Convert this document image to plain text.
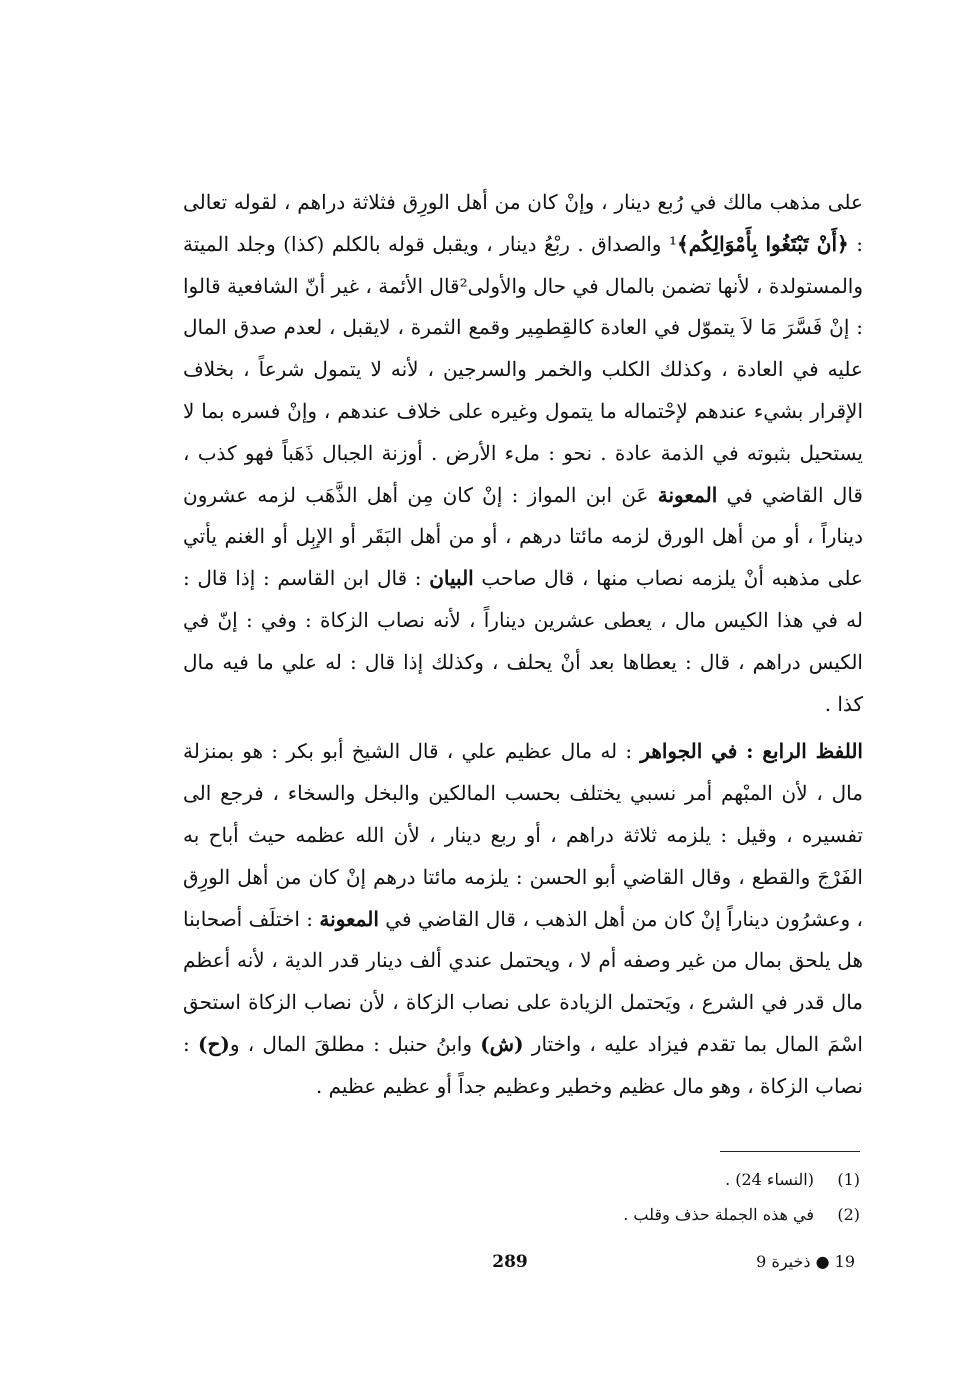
على مذهب مالك في رُبع دينار ، وإنْ كان من أهل الورِق فثلاثة دراهم ، لقوله تعالى : ﴿أَنْ تَبْتَغُوا بِأَمْوَالِكُم﴾¹ والصداق . ربْعُ دينار ، ويقبل قوله بالكلم (كذا) وجلد الميتة والمستولدة ، لأنها تضمن بالمال في حال والأولى²قال الأئمة ، غير أنّ الشافعية قالوا : إنْ فَسَّرَ مَا لاَ يتموّل في العادة كالقِطمِير وقمع الثمرة ، لايقبل ، لعدم صدق المال عليه في العادة ، وكذلك الكلب والخمر والسرجين ، لأنه لا يتمول شرعاً ، بخلاف الإقرار بشيء عندهم لإحْتماله ما يتمول وغيره على خلاف عندهم ، وإنْ فسره بما لا يستحيل بثبوته في الذمة عادة . نحو : ملء الأرض . أوزنة الجبال ذَهَباً فهو كذب ، قال القاضي في المعونة عَن ابن المواز : إنْ كان مِن أهل الذَّهَب لزمه عشرون ديناراً ، أو من أهل الورق لزمه مائتا درهم ، أو من أهل البَقَر أو الإبِل أو الغنم يأتي على مذهبه أنْ يلزمه نصاب منها ، قال صاحب البيان : قال ابن القاسم : إذا قال : له في هذا الكيس مال ، يعطى عشرين ديناراً ، لأنه نصاب الزكاة : وفي : إنّ في الكيس دراهم ، قال : يعطاها بعد أنْ يحلف ، وكذلك إذا قال : له علي ما فيه مال كذا .

اللفظ الرابع : في الجواهر : له مال عظيم علي ، قال الشيخ أبو بكر : هو بمنزلة مال ، لأن المبْهم أمر نسبي يختلف بحسب المالكين والبخل والسخاء ، فرجع الى تفسيره ، وقيل : يلزمه ثلاثة دراهم ، أو ربع دينار ، لأن الله عظمه حيث أباح به الفَرْجَ والقطع ، وقال القاضي أبو الحسن : يلزمه مائتا درهم إنْ كان من أهل الورِق ، وعشرُون ديناراً إنْ كان من أهل الذهب ، قال القاضي في المعونة : اختلَف أصحابنا هل يلحق بمال من غير وصفه أم لا ، ويحتمل عندي ألف دينار قدر الدية ، لأنه أعظم مال قدر في الشرع ، ويَحتمل الزيادة على نصاب الزكاة ، لأن نصاب الزكاة استحق اسْمَ المال بما تقدم فيزاد عليه ، واختار (ش) وابنُ حنبل : مطلقَ المال ، و(ح) : نصاب الزكاة ، وهو مال عظيم وخطير وعظيم جداً أو عظيم عظيم .

(1)
(النساء 24) .
(2)
في هذه الجملة حذف وقلب .
289	19 ● ذخيرة 9
